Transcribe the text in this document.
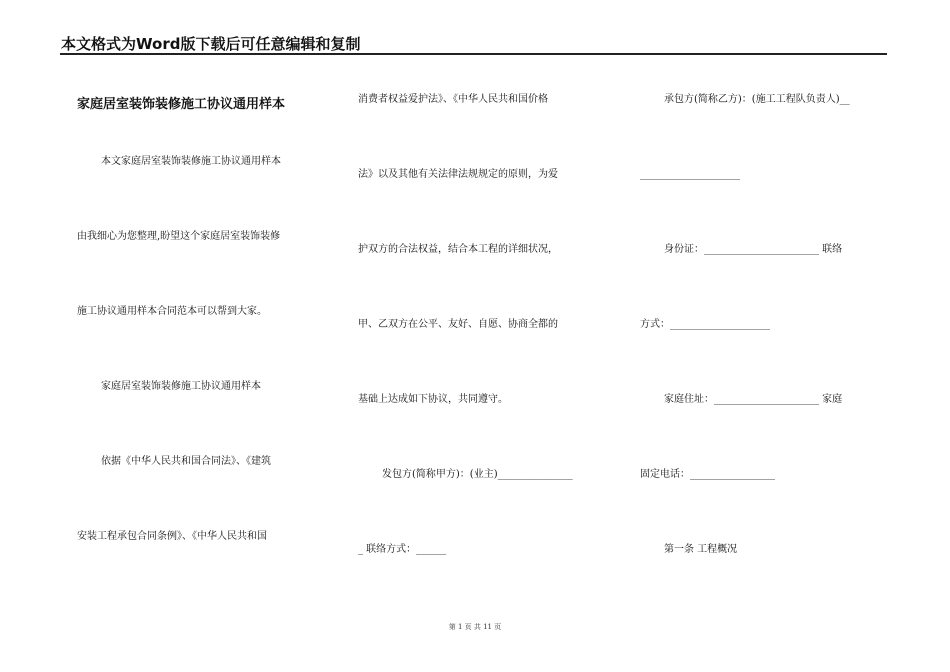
本文格式为Word版下载后可任意编辑和复制
家庭居室装饰装修施工协议通用样本
本文家庭居室装饰装修施工协议通用样本
由我细心为您整理,盼望这个家庭居室装饰装修
施工协议通用样本合同范本可以帮到大家。
家庭居室装饰装修施工协议通用样本
依据《中华人民共和国合同法》、《建筑
安装工程承包合同条例》、《中华人民共和国
消费者权益爱护法》、《中华人民共和国价格
法》以及其他有关法律法规规定的原则，为爱
护双方的合法权益，结合本工程的详细状况，
甲、乙双方在公平、友好、自愿、协商全都的
基础上达成如下协议，共同遵守。
发包方(简称甲方)：(业主)_______________
_ 联络方式：______
承包方(简称乙方)：(施工工程队负责人)__
____________________
身份证：_______________________ 联络
方式：____________________
家庭住址：_____________________ 家庭
固定电话：_________________
第一条 工程概况
第 1 页 共 11 页
